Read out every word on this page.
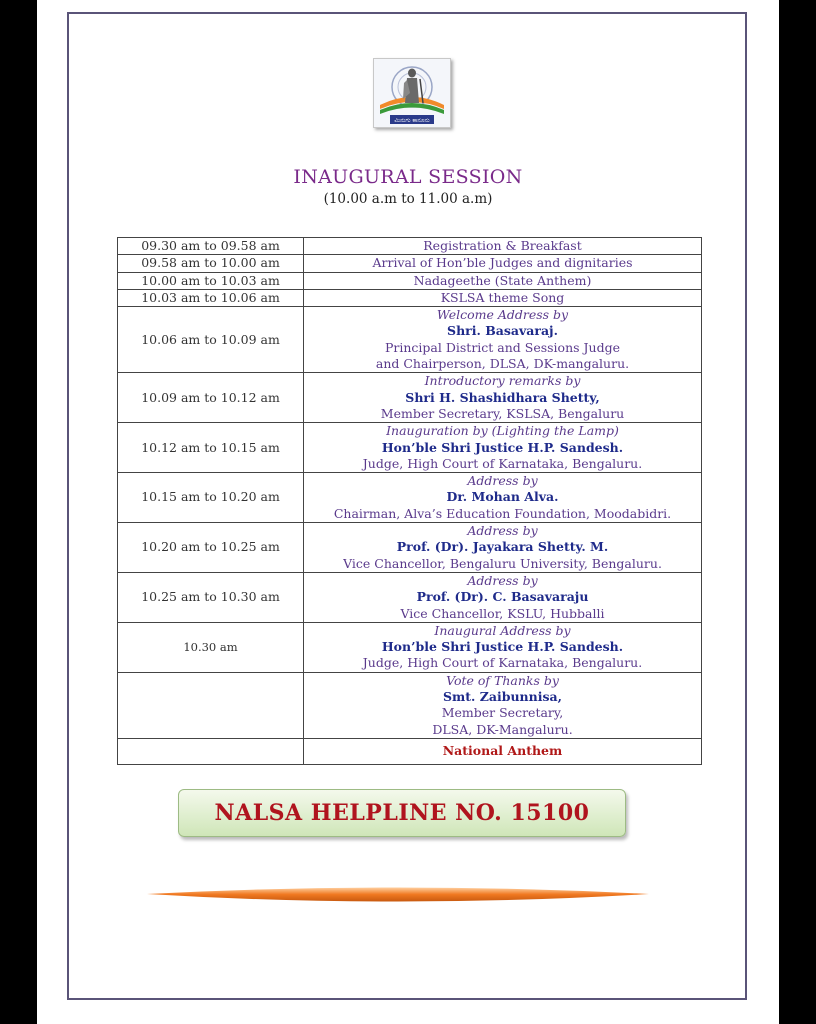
ಮಿನುಗು ಕಾನೂನು
INAUGURAL SESSION
(10.00 a.m to 11.00 a.m)
09.30 am to 09.58 am	Registration & Breakfast

09.58 am to 10.00 am	Arrival of Hon’ble Judges and dignitaries

10.00 am to 10.03 am	Nadageethe (State Anthem)

10.03 am to 10.06 am	KSLSA theme Song

10.06 am to 10.09 am	Welcome Address by
Shri. Basavaraj.
Principal District and Sessions Judge
and Chairperson, DLSA, DK-mangaluru.

10.09 am to 10.12 am	Introductory remarks by
Shri H. Shashidhara Shetty,
Member Secretary, KSLSA, Bengaluru

10.12 am to 10.15 am	Inauguration by (Lighting the Lamp)
Hon’ble Shri Justice H.P. Sandesh.
Judge, High Court of Karnataka, Bengaluru.

10.15 am to 10.20 am	Address by
Dr. Mohan Alva.
Chairman, Alva’s Education Foundation, Moodabidri.

10.20 am to 10.25 am	Address by
Prof. (Dr). Jayakara Shetty. M.
Vice Chancellor, Bengaluru University, Bengaluru.

10.25 am to 10.30 am	Address by
Prof. (Dr). C. Basavaraju
Vice Chancellor, KSLU, Hubballi

10.30 am	Inaugural Address by
Hon’ble Shri Justice H.P. Sandesh.
Judge, High Court of Karnataka, Bengaluru.

	Vote of Thanks by
Smt. Zaibunnisa,
Member Secretary,
DLSA, DK-Mangaluru.

	National Anthem
NALSA HELPLINE NO. 15100
